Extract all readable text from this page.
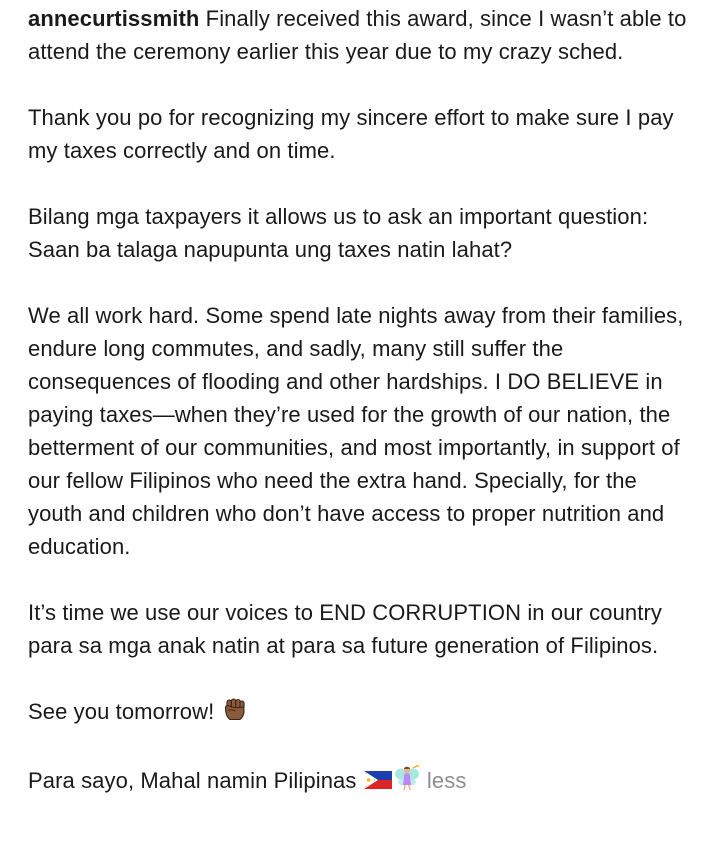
annecurtissmith Finally received this award, since I wasn’t able to attend the ceremony earlier this year due to my crazy sched.

Thank you po for recognizing my sincere effort to make sure I pay my taxes correctly and on time.

Bilang mga taxpayers it allows us to ask an important question: Saan ba talaga napupunta ung taxes natin lahat?

We all work hard. Some spend late nights away from their families, endure long commutes, and sadly, many still suffer the consequences of flooding and other hardships. I DO BELIEVE in paying taxes—when they’re used for the growth of our nation, the betterment of our communities, and most importantly, in support of our fellow Filipinos who need the extra hand. Specially, for the youth and children who don’t have access to proper nutrition and education.

It’s time we use our voices to END CORRUPTION in our country para sa mga anak natin at para sa future generation of Filipinos.

See you tomorrow!

Para sayo, Mahal namin Pilipinas	less
